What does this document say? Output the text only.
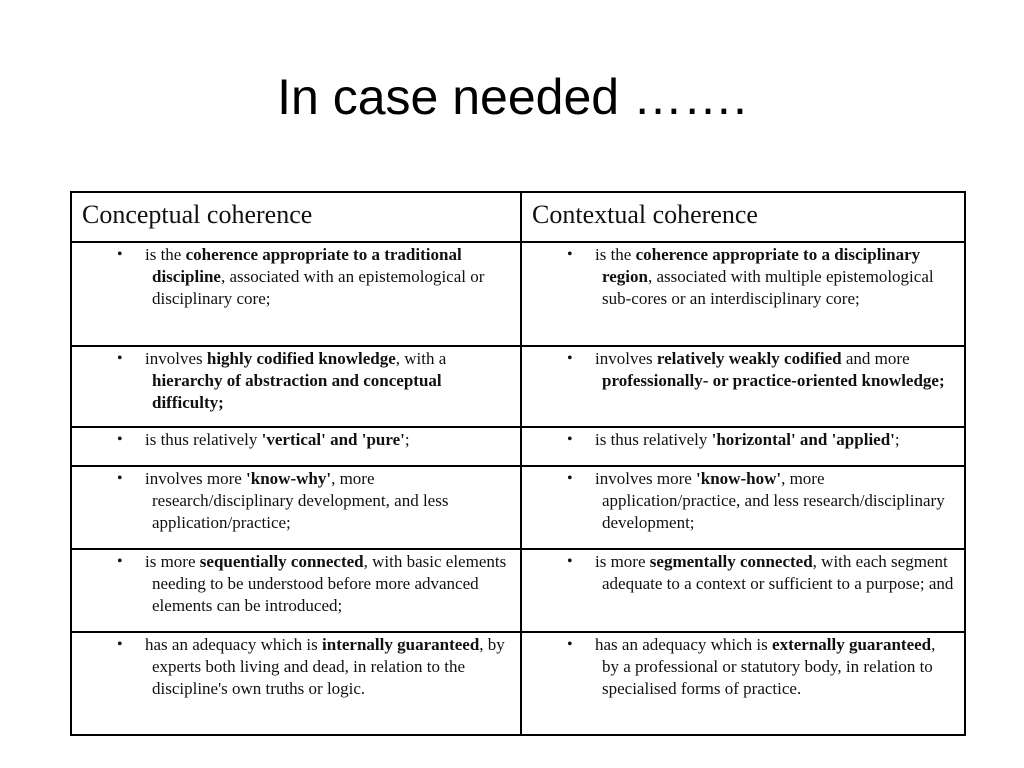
In case needed …….
Conceptual coherence	Contextual coherence

• is the coherence appropriate to a traditional discipline, associated with an epistemological or disciplinary core;	• is the coherence appropriate to a disciplinary region, associated with multiple epistemological sub-cores or an interdisciplinary core;

• involves highly codified knowledge, with a hierarchy of abstraction and conceptual difficulty;	• involves relatively weakly codified and more professionally- or practice-oriented knowledge;

• is thus relatively 'vertical' and 'pure';	• is thus relatively 'horizontal' and 'applied';

• involves more 'know-why', more research/disciplinary development, and less application/practice;	• involves more 'know-how', more application/practice, and less research/disciplinary development;

• is more sequentially connected, with basic elements needing to be understood before more advanced elements can be introduced;	• is more segmentally connected, with each segment adequate to a context or sufficient to a purpose; and

• has an adequacy which is internally guaranteed, by experts both living and dead, in relation to the discipline's own truths or logic.	• has an adequacy which is externally guaranteed, by a professional or statutory body, in relation to specialised forms of practice.
